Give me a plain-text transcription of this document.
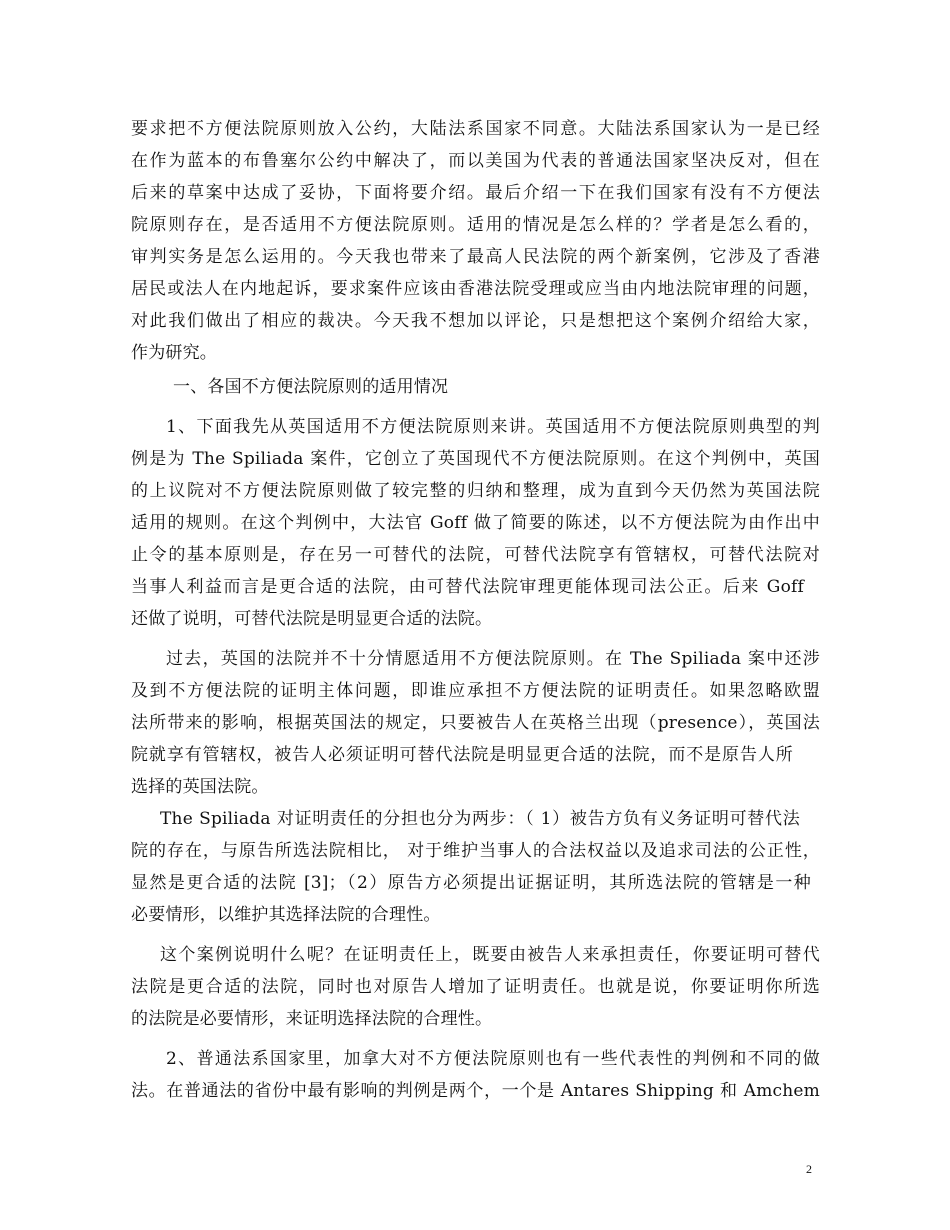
要求把不方便法院原则放入公约，大陆法系国家不同意。大陆法系国家认为一是已经
在作为蓝本的布鲁塞尔公约中解决了，而以美国为代表的普通法国家坚决反对，但在
后来的草案中达成了妥协，下面将要介绍。最后介绍一下在我们国家有没有不方便法
院原则存在，是否适用不方便法院原则。适用的情况是怎么样的？学者是怎么看的，
审判实务是怎么运用的。今天我也带来了最高人民法院的两个新案例，它涉及了香港
居民或法人在内地起诉，要求案件应该由香港法院受理或应当由内地法院审理的问题，
对此我们做出了相应的裁决。今天我不想加以评论，只是想把这个案例介绍给大家，
作为研究。
一、各国不方便法院原则的适用情况
1、下面我先从英国适用不方便法院原则来讲。英国适用不方便法院原则典型的判
例是为 The Spiliada 案件，它创立了英国现代不方便法院原则。在这个判例中，英国
的上议院对不方便法院原则做了较完整的归纳和整理，成为直到今天仍然为英国法院
适用的规则。在这个判例中，大法官 Goff 做了简要的陈述，以不方便法院为由作出中
止令的基本原则是，存在另一可替代的法院，可替代法院享有管辖权，可替代法院对
当事人利益而言是更合适的法院，由可替代法院审理更能体现司法公正。后来 Goff
还做了说明，可替代法院是明显更合适的法院。
过去，英国的法院并不十分情愿适用不方便法院原则。在 The Spiliada 案中还涉
及到不方便法院的证明主体问题，即谁应承担不方便法院的证明责任。如果忽略欧盟
法所带来的影响，根据英国法的规定，只要被告人在英格兰出现（presence），英国法
院就享有管辖权，被告人必须证明可替代法院是明显更合适的法院，而不是原告人所
选择的英国法院。
The Spiliada 对证明责任的分担也分为两步：（ 1）被告方负有义务证明可替代法
院的存在，与原告所选法院相比， 对于维护当事人的合法权益以及追求司法的公正性，
显然是更合适的法院 [3]；（2）原告方必须提出证据证明，其所选法院的管辖是一种
必要情形，以维护其选择法院的合理性。
这个案例说明什么呢？在证明责任上，既要由被告人来承担责任，你要证明可替代
法院是更合适的法院，同时也对原告人增加了证明责任。也就是说，你要证明你所选
的法院是必要情形，来证明选择法院的合理性。
2、普通法系国家里，加拿大对不方便法院原则也有一些代表性的判例和不同的做
法。在普通法的省份中最有影响的判例是两个，一个是 Antares Shipping 和 Amchem
2
